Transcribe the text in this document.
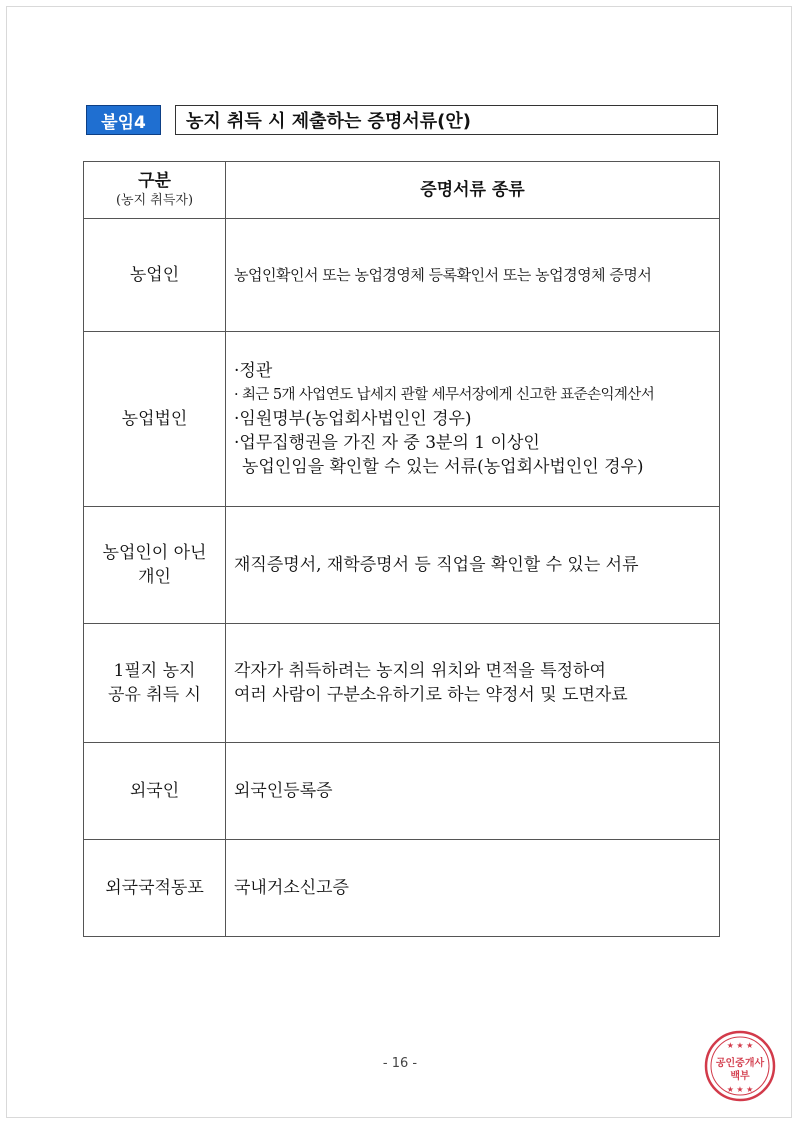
붙임4	농지 취득 시 제출하는 증명서류(안)
구분
(농지 취득자)	증명서류 종류

농업인	농업인확인서 또는 농업경영체 등록확인서 또는 농업경영체 증명서

농업법인	·정관
· 최근 5개 사업연도 납세지 관할 세무서장에게 신고한 표준손익계산서
·임원명부(농업회사법인인 경우)
·업무집행권을 가진 자 중 3분의 1 이상인
농업인임을 확인할 수 있는 서류(농업회사법인인 경우)

농업인이 아닌
개인	재직증명서, 재학증명서 등 직업을 확인할 수 있는 서류

1필지 농지
공유 취득 시	각자가 취득하려는 농지의 위치와 면적을 특정하여
여러 사람이 구분소유하기로 하는 약정서 및 도면자료

외국인	외국인등록증

외국국적동포	국내거소신고증
- 16 -
★ ★ ★
공인중개사
백부
★ ★ ★
